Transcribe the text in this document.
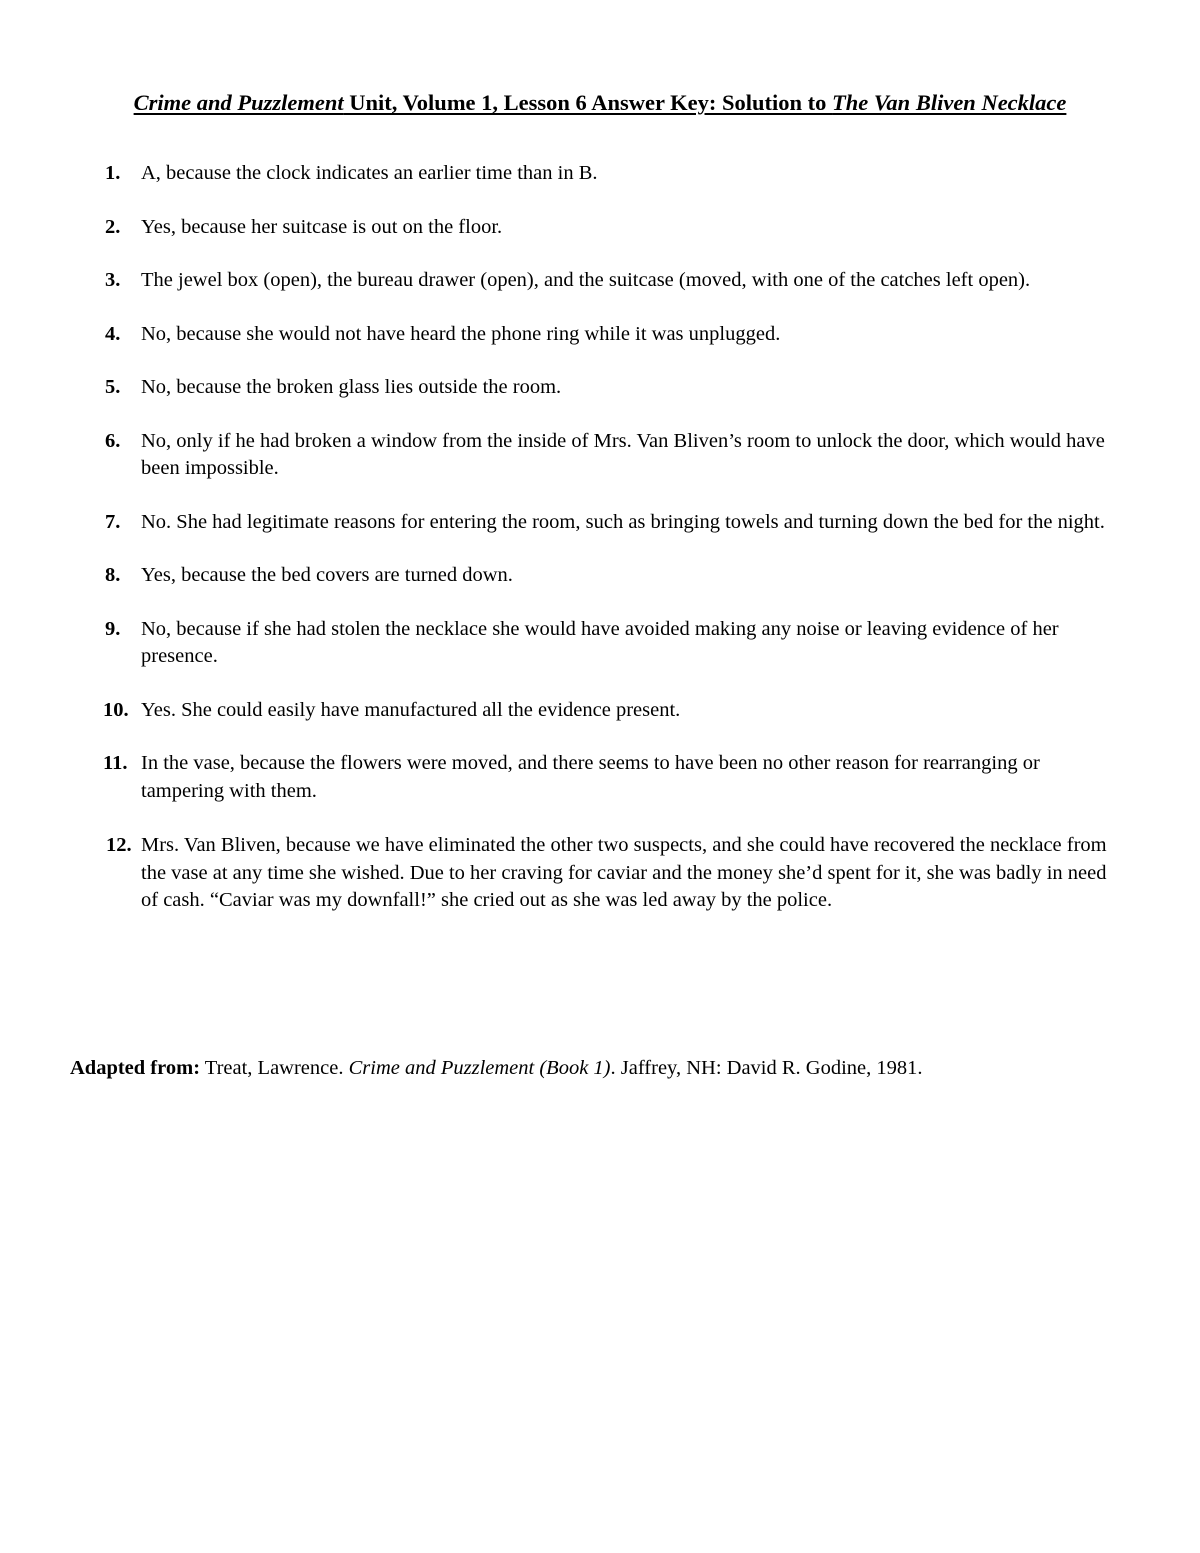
Crime and Puzzlement Unit, Volume 1, Lesson 6 Answer Key: Solution to The Van Bliven Necklace
1. A, because the clock indicates an earlier time than in B.
2. Yes, because her suitcase is out on the floor.
3. The jewel box (open), the bureau drawer (open), and the suitcase (moved, with one of the catches left open).
4. No, because she would not have heard the phone ring while it was unplugged.
5. No, because the broken glass lies outside the room.
6. No, only if he had broken a window from the inside of Mrs. Van Bliven’s room to unlock the door, which would have been impossible.
7. No. She had legitimate reasons for entering the room, such as bringing towels and turning down the bed for the night.
8. Yes, because the bed covers are turned down.
9. No, because if she had stolen the necklace she would have avoided making any noise or leaving evidence of her presence.
10. Yes. She could easily have manufactured all the evidence present.
11. In the vase, because the flowers were moved, and there seems to have been no other reason for rearranging or tampering with them.
12. Mrs. Van Bliven, because we have eliminated the other two suspects, and she could have recovered the necklace from the vase at any time she wished. Due to her craving for caviar and the money she’d spent for it, she was badly in need of cash. “Caviar was my downfall!” she cried out as she was led away by the police.

Adapted from: Treat, Lawrence. Crime and Puzzlement (Book 1). Jaffrey, NH: David R. Godine, 1981.
